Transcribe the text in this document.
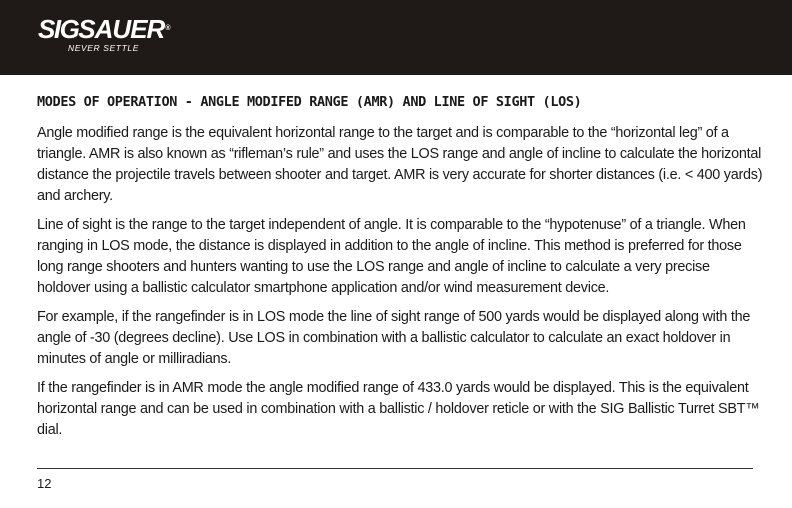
SIGSAUER®
NEVER SETTLE
MODES OF OPERATION - ANGLE MODIFED RANGE (AMR) AND LINE OF SIGHT (LOS)

Angle modified range is the equivalent horizontal range to the target and is comparable to the “horizontal leg” of a triangle. AMR is also known as “rifleman’s rule” and uses the LOS range and angle of incline to calculate the horizontal distance the projectile travels between shooter and target. AMR is very accurate for shorter distances (i.e. < 400 yards) and archery.

Line of sight is the range to the target independent of angle. It is comparable to the “hypotenuse” of a triangle. When ranging in LOS mode, the distance is displayed in addition to the angle of incline. This method is preferred for those long range shooters and hunters wanting to use the LOS range and angle of incline to calculate a very precise holdover using a ballistic calculator smartphone application and/or wind measurement device.

For example, if the rangefinder is in LOS mode the line of sight range of 500 yards would be displayed along with the angle of -30 (degrees decline). Use LOS in combination with a ballistic calculator to calculate an exact holdover in minutes of angle or milliradians.

If the rangefinder is in AMR mode the angle modified range of 433.0 yards would be displayed. This is the equivalent horizontal range and can be used in combination with a ballistic / holdover reticle or with the SIG Ballistic Turret SBT™ dial.

12
